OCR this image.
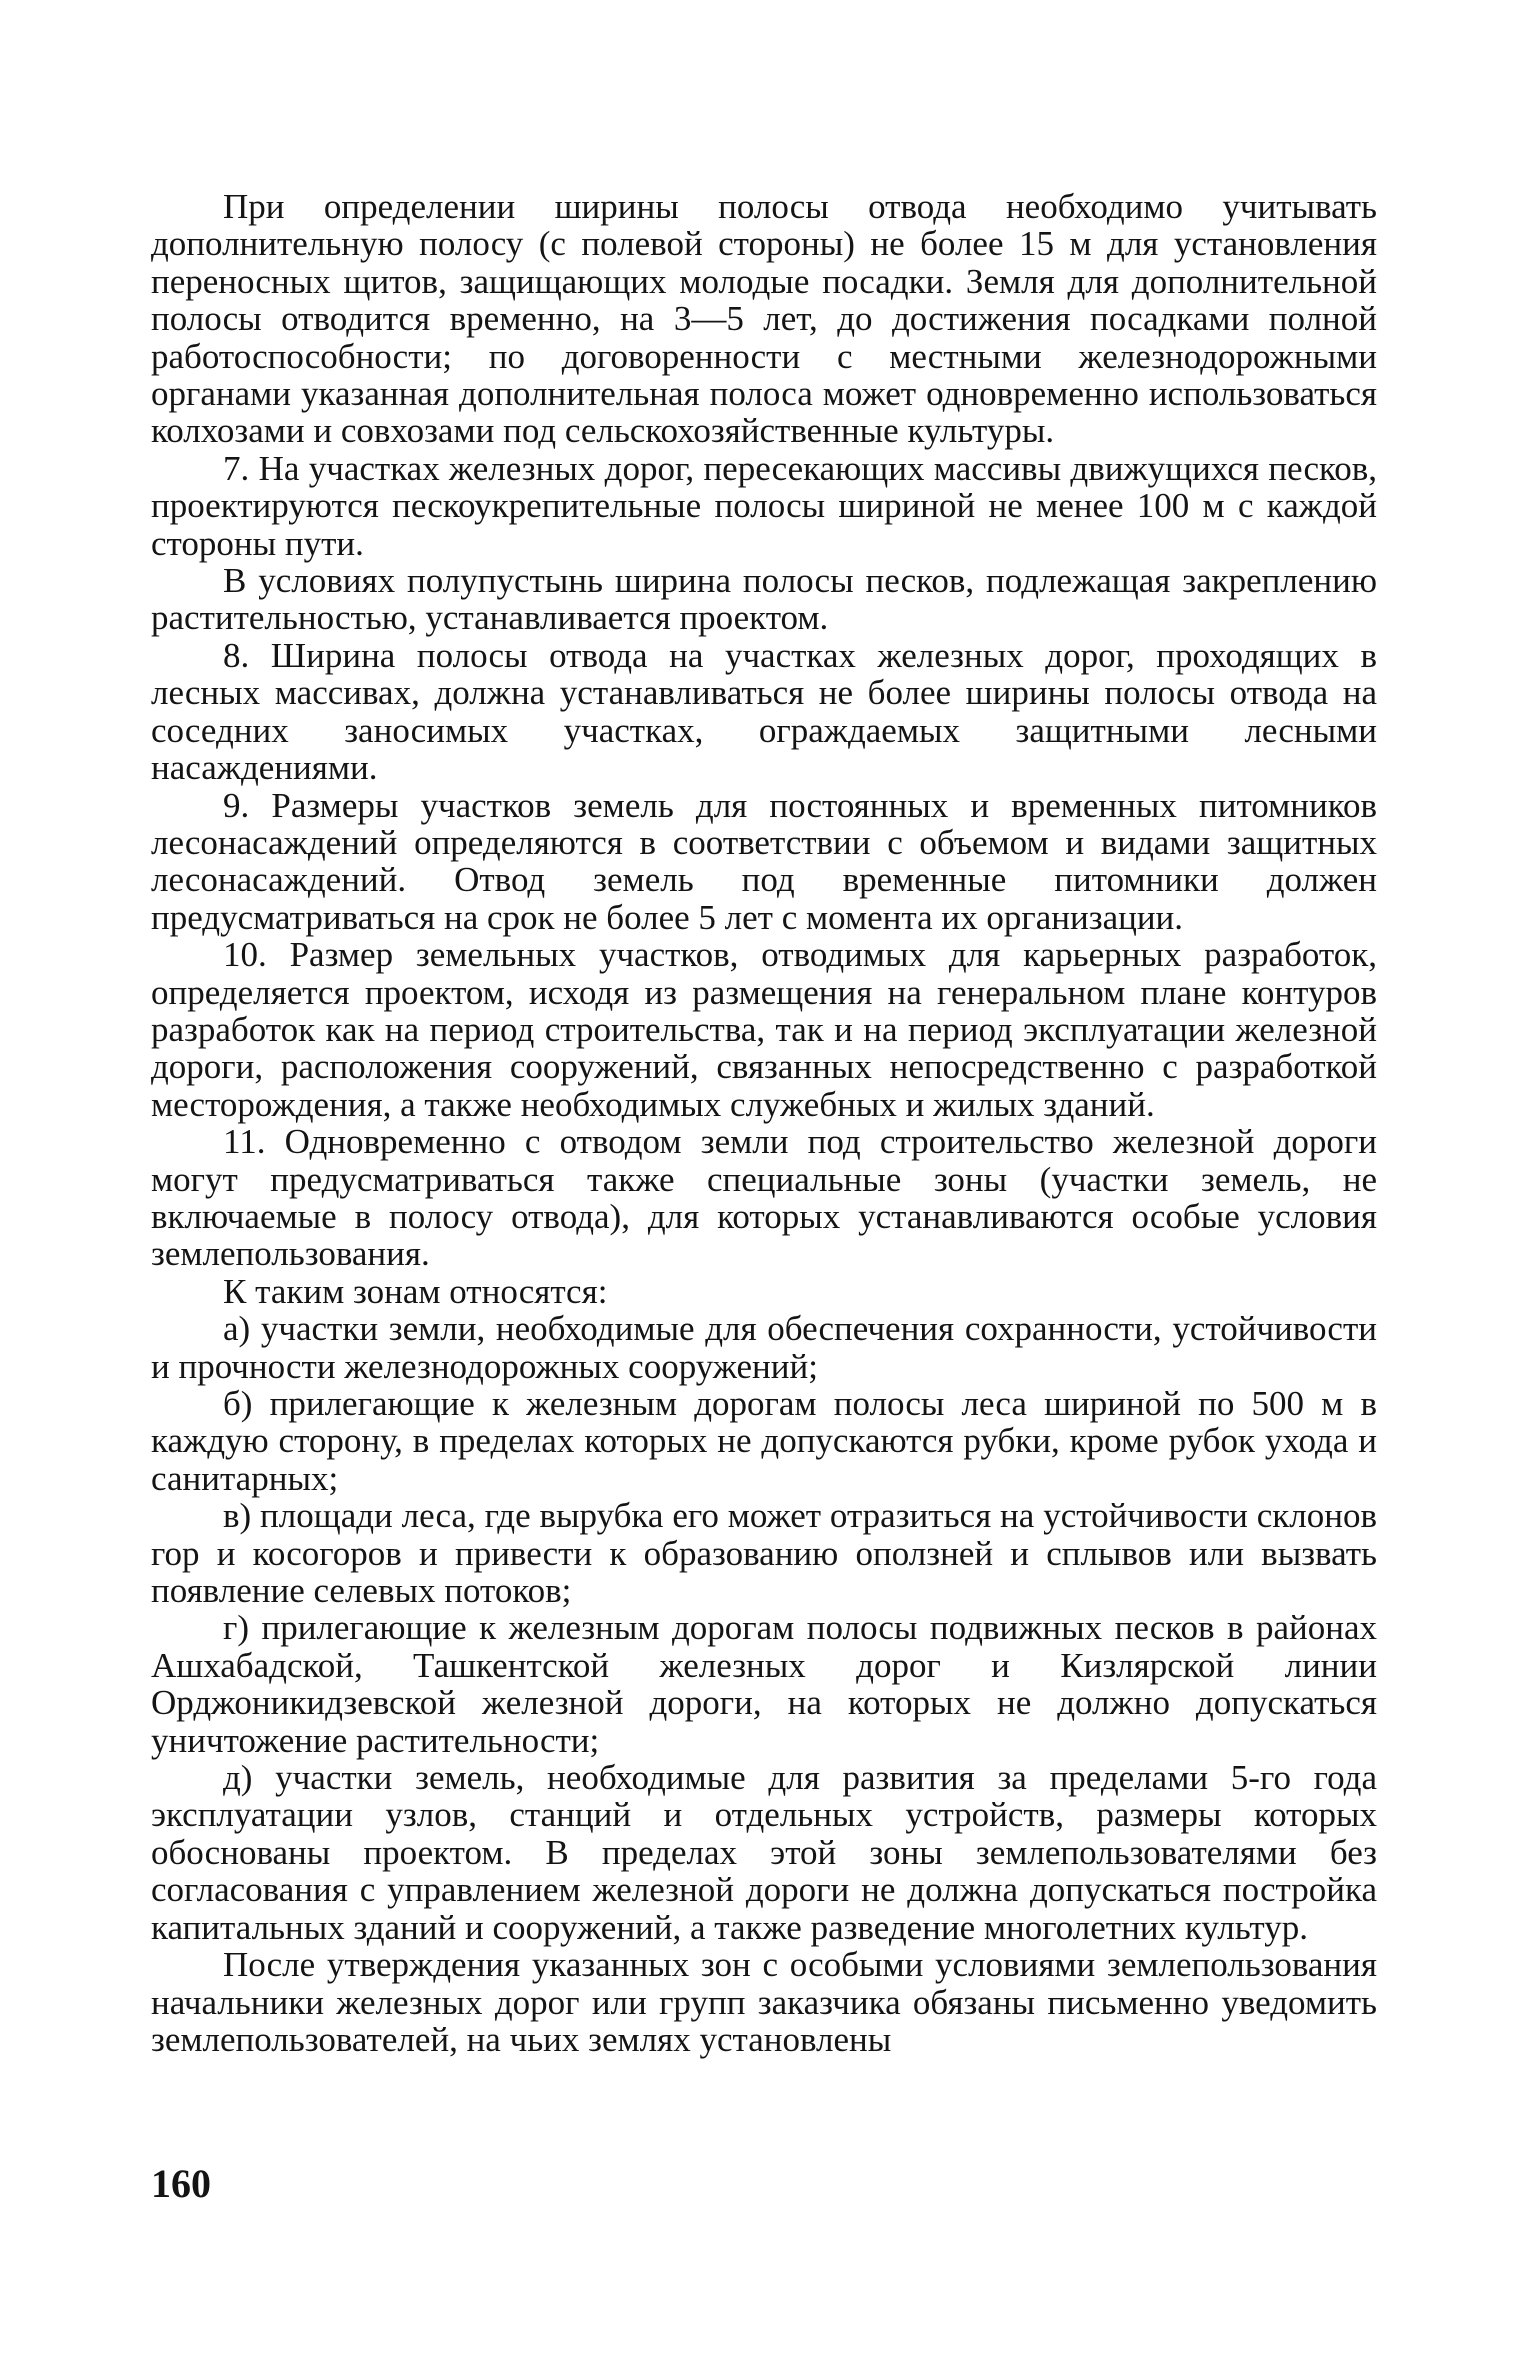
При определении ширины полосы отвода необходимо учитывать дополнительную полосу (с полевой стороны) не более 15 м для установления переносных щитов, защищающих молодые посадки. Земля для дополнительной полосы отводится временно, на 3—5 лет, до достижения посадками полной работоспособности; по договоренности с местными железнодорожными органами указанная дополнительная полоса может одновременно использоваться колхозами и совхозами под сельскохозяйственные культуры.

7. На участках железных дорог, пересекающих массивы движущихся песков, проектируются пескоукрепительные полосы шириной не менее 100 м с каждой стороны пути.

В условиях полупустынь ширина полосы песков, подлежащая закреплению растительностью, устанавливается проектом.

8. Ширина полосы отвода на участках железных дорог, проходящих в лесных массивах, должна устанавливаться не более ширины полосы отвода на соседних заносимых участках, ограждаемых защитными лесными насаждениями.

9. Размеры участков земель для постоянных и временных питомников лесонасаждений определяются в соответствии с объемом и видами защитных лесонасаждений. Отвод земель под временные питомники должен предусматриваться на срок не более 5 лет с момента их организации.

10. Размер земельных участков, отводимых для карьерных разработок, определяется проектом, исходя из размещения на генеральном плане контуров разработок как на период строительства, так и на период эксплуатации железной дороги, расположения сооружений, связанных непосредственно с разработкой месторождения, а также необходимых служебных и жилых зданий.

11. Одновременно с отводом земли под строительство железной дороги могут предусматриваться также специальные зоны (участки земель, не включаемые в полосу отвода), для которых устанавливаются особые условия землепользования.

К таким зонам относятся:

а) участки земли, необходимые для обеспечения сохранности, устойчивости и прочности железнодорожных сооружений;

б) прилегающие к железным дорогам полосы леса шириной по 500 м в каждую сторону, в пределах которых не допускаются рубки, кроме рубок ухода и санитарных;

в) площади леса, где вырубка его может отразиться на устойчивости склонов гор и косогоров и привести к образованию оползней и сплывов или вызвать появление селевых потоков;

г) прилегающие к железным дорогам полосы подвижных песков в районах Ашхабадской, Ташкентской железных дорог и Кизлярской линии Орджоникидзевской железной дороги, на которых не должно допускаться уничтожение растительности;

д) участки земель, необходимые для развития за пределами 5-го года эксплуатации узлов, станций и отдельных устройств, размеры которых обоснованы проектом. В пределах этой зоны землепользователями без согласования с управлением железной дороги не должна допускаться постройка капитальных зданий и сооружений, а также разведение многолетних культур.

После утверждения указанных зон с особыми условиями землепользования начальники железных дорог или групп заказчика обязаны письменно уведомить землепользователей, на чьих землях установлены

160
